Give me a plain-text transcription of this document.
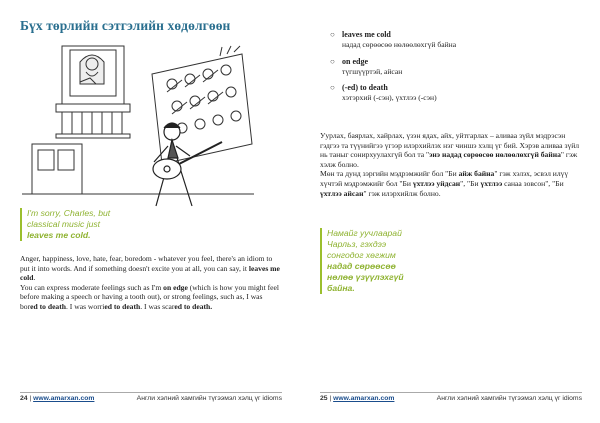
Бүх төрлийн сэтгэлийн хөдөлгөөн
I'm sorry, Charles, but classical music just leaves me cold.

Anger, happiness, love, hate, fear, boredom - whatever you feel, there's an idiom to put it into words. And if something doesn't excite you at all, you can say, it leaves me cold.

You can express moderate feelings such as I'm on edge (which is how you might feel before making a speech or having a tooth out), or strong feelings, such as, I was bored to death. I was worried to death. I was scared to death.

24 | www.amarxan.com	Англи хэлний хамгийн түгээмэл хэлц үг idioms
○ leaves me cold
надад сөрөөсөө нөлөөлөхгүй байна
○ on edge
түгшүүртэй, айсан
○ (-ed) to death
хэтэрхий (-сэн), үхтлээ (-сэн)

Уурлах, баярлах, хайрлах, үзэн ядах, айх, уйтгарлах – аливаа зүйл мэдрэсэн гэдгээ та түүнийгээ үгээр илэрхийлэх нэг чиншэ хэлц үг бий. Хэрэв аливаа зүйл нь таныг сонирхуулахгүй бол та "энэ надад сөрөөсөө нөлөөлөхгүй байна" гэж хэлж болно.

Мөн та дунд зэргийн мэдрэмжийг бол "Би айж байна" гэж хэлэх, эсвэл илүү хүчтэй мэдрэмжийг бол "Би үхтлээ уйдсан", "Би үхтлээ санаа зовсон", "Би үхтлээ айсан" гэж илэрхийлж болно.

Намайг уучлаарай Чарльз, гэхдээ сонгодог хөгжим надад сөрөөсөө нөлөө үзүүлэхгүй байна.
25 | www.amarxan.com	Англи хэлний хамгийн түгээмэл хэлц үг idioms
